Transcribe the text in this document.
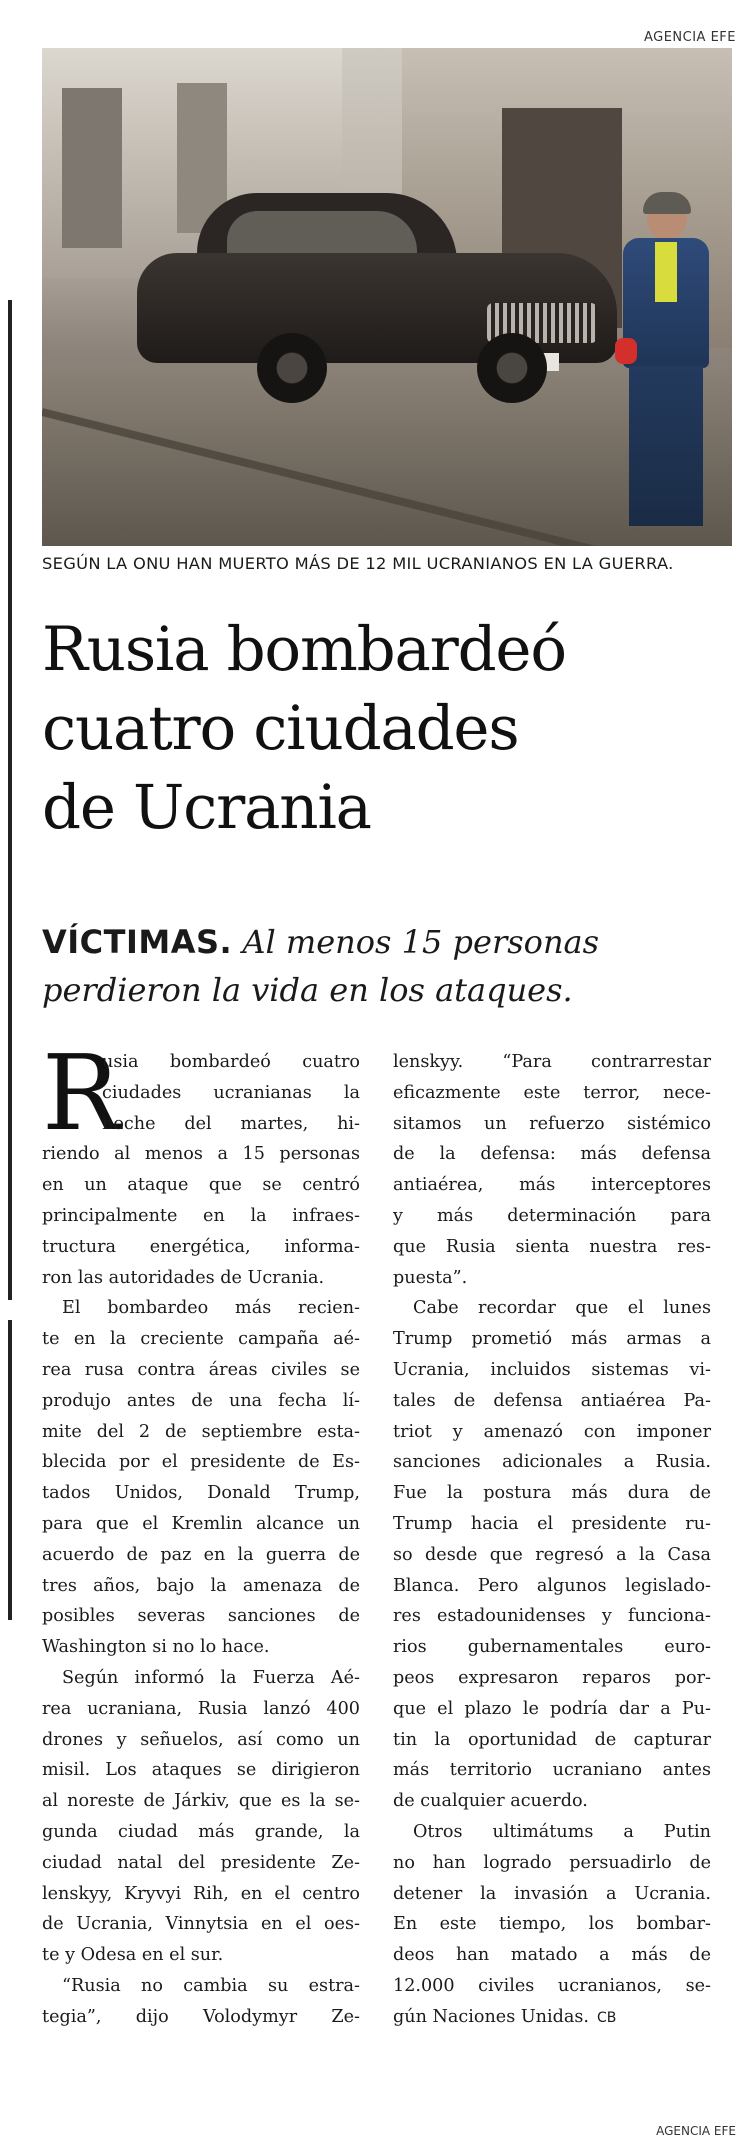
AGENCIA EFE
SEGÚN LA ONU HAN MUERTO MÁS DE 12 MIL UCRANIANOS EN LA GUERRA.
Rusia bombardeó
cuatro ciudades
de Ucrania
VÍCTIMAS. Al menos 15 personas
perdieron la vida en los ataques.
R
usia bombardeó cuatro
ciudades ucranianas la
noche del martes, hi-
riendo al menos a 15 personas
en un ataque que se centró
principalmente en la infraes-
tructura energética, informa-
ron las autoridades de Ucrania.
El bombardeo más recien-
te en la creciente campaña aé-
rea rusa contra áreas civiles se
produjo antes de una fecha lí-
mite del 2 de septiembre esta-
blecida por el presidente de Es-
tados Unidos, Donald Trump,
para que el Kremlin alcance un
acuerdo de paz en la guerra de
tres años, bajo la amenaza de
posibles severas sanciones de
Washington si no lo hace.
Según informó la Fuerza Aé-
rea ucraniana, Rusia lanzó 400
drones y señuelos, así como un
misil. Los ataques se dirigieron
al noreste de Járkiv, que es la se-
gunda ciudad más grande, la
ciudad natal del presidente Ze-
lenskyy, Kryvyi Rih, en el centro
de Ucrania, Vinnytsia en el oes-
te y Odesa en el sur.
“Rusia no cambia su estra-
tegia”, dijo Volodymyr Ze-
lenskyy. “Para contrarrestar
eficazmente este terror, nece-
sitamos un refuerzo sistémico
de la defensa: más defensa
antiaérea, más interceptores
y más determinación para
que Rusia sienta nuestra res-
puesta”.
Cabe recordar que el lunes
Trump prometió más armas a
Ucrania, incluidos sistemas vi-
tales de defensa antiaérea Pa-
triot y amenazó con imponer
sanciones adicionales a Rusia.
Fue la postura más dura de
Trump hacia el presidente ru-
so desde que regresó a la Casa
Blanca. Pero algunos legislado-
res estadounidenses y funciona-
rios gubernamentales euro-
peos expresaron reparos por-
que el plazo le podría dar a Pu-
tin la oportunidad de capturar
más territorio ucraniano antes
de cualquier acuerdo.
Otros ultimátums a Putin
no han logrado persuadirlo de
detener la invasión a Ucrania.
En este tiempo, los bombar-
deos han matado a más de
12.000 civiles ucranianos, se-
gún Naciones Unidas. CB
AGENCIA EFE
